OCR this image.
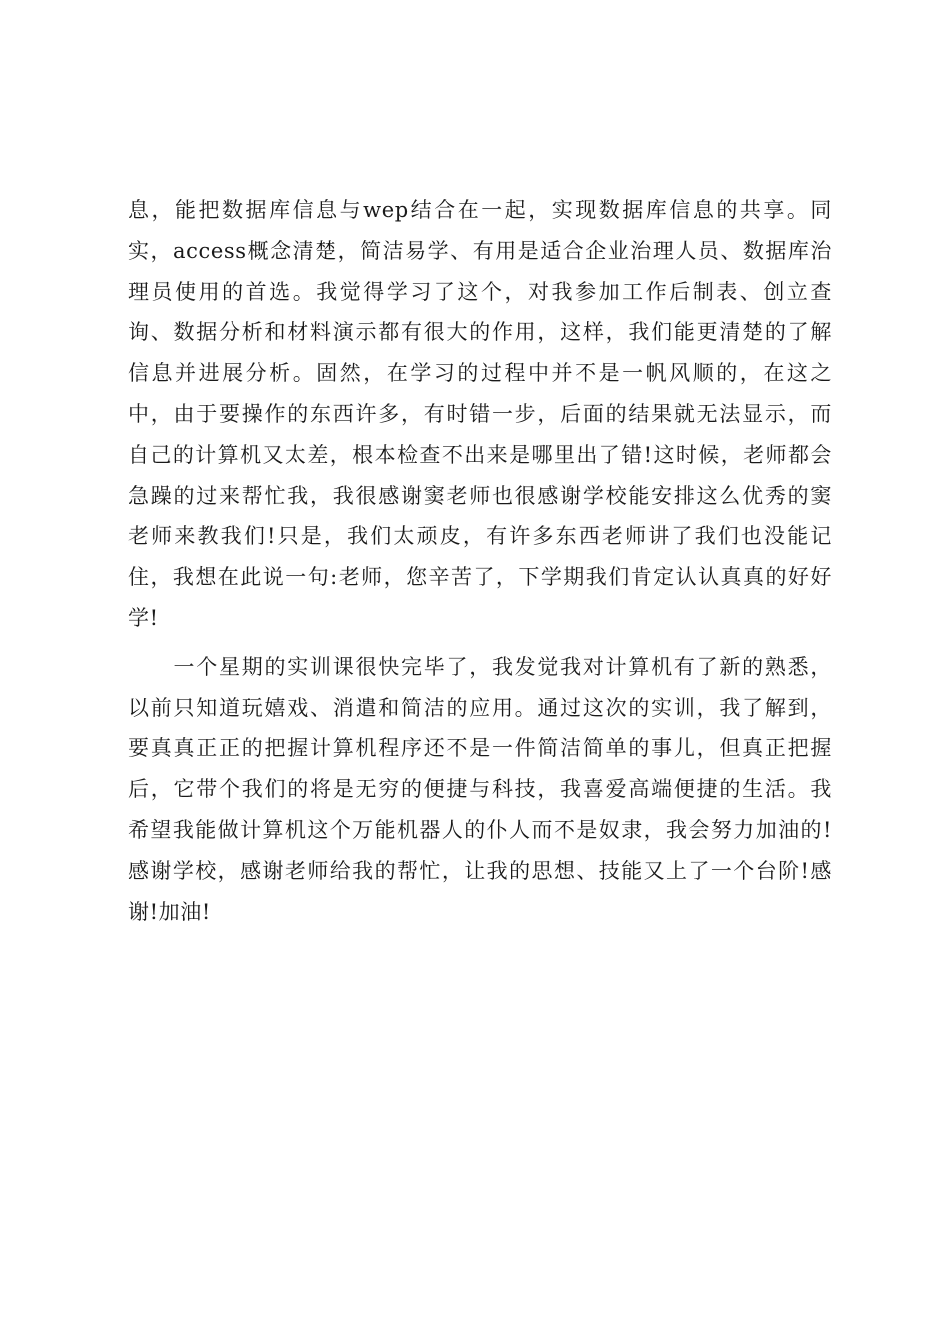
息，能把数据库信息与wep结合在一起，实现数据库信息的共享。同
实，access概念清楚，简洁易学、有用是适合企业治理人员、数据库治
理员使用的首选。我觉得学习了这个，对我参加工作后制表、创立查
询、数据分析和材料演示都有很大的作用，这样，我们能更清楚的了解
信息并进展分析。固然，在学习的过程中并不是一帆风顺的，在这之
中，由于要操作的东西许多，有时错一步，后面的结果就无法显示，而
自己的计算机又太差，根本检查不出来是哪里出了错!这时候，老师都会
急躁的过来帮忙我，我很感谢窦老师也很感谢学校能安排这么优秀的窦
老师来教我们!只是，我们太顽皮，有许多东西老师讲了我们也没能记
住，我想在此说一句:老师，您辛苦了，下学期我们肯定认认真真的好好
学!
　　一个星期的实训课很快完毕了，我发觉我对计算机有了新的熟悉，
以前只知道玩嬉戏、消遣和简洁的应用。通过这次的实训，我了解到，
要真真正正的把握计算机程序还不是一件简洁简单的事儿，但真正把握
后，它带个我们的将是无穷的便捷与科技，我喜爱高端便捷的生活。我
希望我能做计算机这个万能机器人的仆人而不是奴隶，我会努力加油的!
感谢学校，感谢老师给我的帮忙，让我的思想、技能又上了一个台阶!感
谢!加油!
